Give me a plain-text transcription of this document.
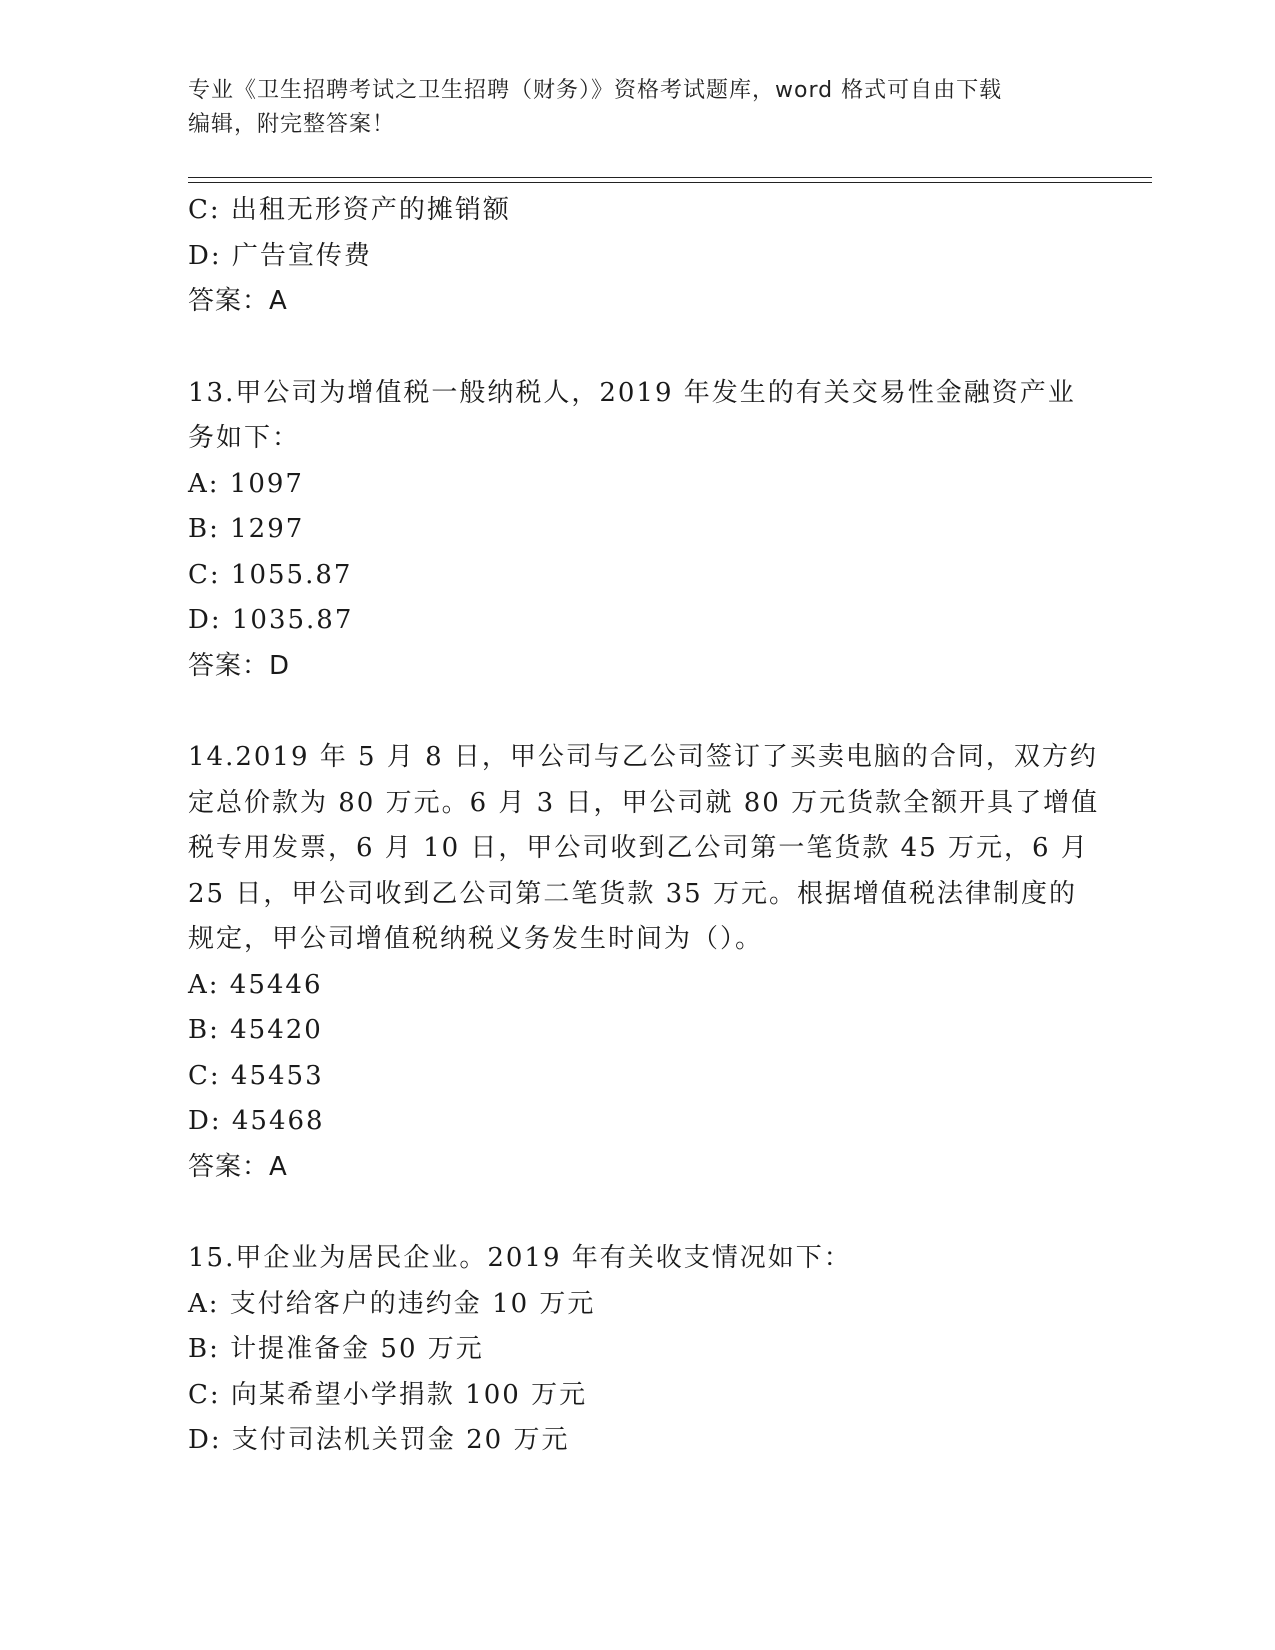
专业《卫生招聘考试之卫生招聘（财务）》资格考试题库，word 格式可自由下载
编辑，附完整答案！
C: 出租无形资产的摊销额
D: 广告宣传费
答案：A
13.甲公司为增值税一般纳税人，2019 年发生的有关交易性金融资产业
务如下：
A: 1097
B: 1297
C: 1055.87
D: 1035.87
答案：D
14.2019 年 5 月 8 日，甲公司与乙公司签订了买卖电脑的合同，双方约
定总价款为 80 万元。6 月 3 日，甲公司就 80 万元货款全额开具了增值
税专用发票，6 月 10 日，甲公司收到乙公司第一笔货款 45 万元，6 月
25 日，甲公司收到乙公司第二笔货款 35 万元。根据增值税法律制度的
规定，甲公司增值税纳税义务发生时间为（）。
A: 45446
B: 45420
C: 45453
D: 45468
答案：A
15.甲企业为居民企业。2019 年有关收支情况如下：
A: 支付给客户的违约金 10 万元
B: 计提准备金 50 万元
C: 向某希望小学捐款 100 万元
D: 支付司法机关罚金 20 万元
